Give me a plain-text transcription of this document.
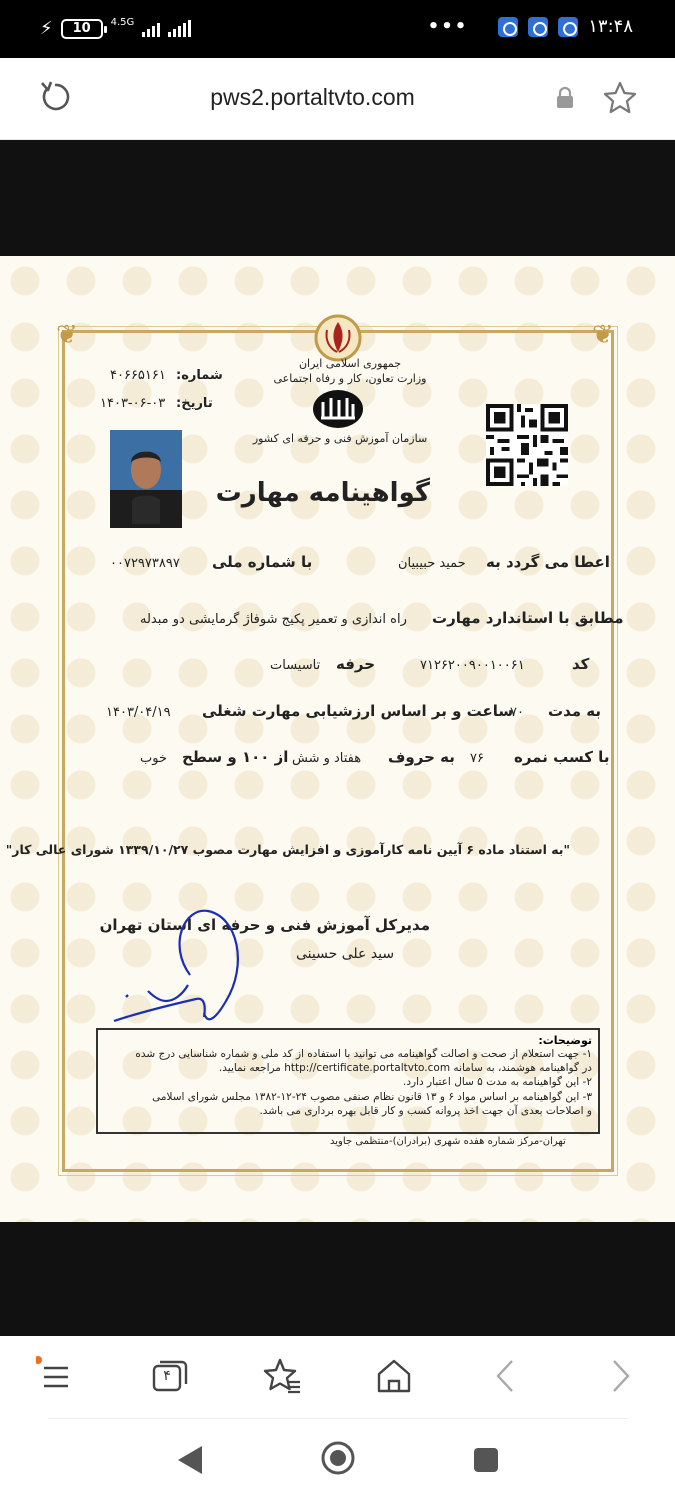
⚡	10	4.5G	•••	۱۳:۴۸
pws2.portaltvto.com
❦	❦
جمهوری اسلامی ایران
وزارت تعاون، کار و رفاه اجتماعی
سازمان آموزش فنی و حرفه ای کشور
شماره:
۴۰۶۶۵۱۶۱
تاریخ:
۱۴۰۳-۰۶-۰۳
گواهینامه مهارت
اعطا می گردد به
حمید حبیبیان
با شماره ملی
۰۰۷۲۹۷۳۸۹۷
مطابق با استاندارد مهارت
راه اندازی و تعمیر پکیج شوفاژ گرمایشی دو مبدله
کد
۷۱۲۶۲۰۰۹۰۰۱۰۰۶۱
حرفه
تاسیسات
به مدت
۷۰
ساعت و بر اساس ارزشیابی مهارت شغلی
۱۴۰۳/۰۴/۱۹
با کسب نمره
۷۶
به حروف
هفتاد و شش
از ۱۰۰ و سطح
خوب
"به استناد ماده ۶ آیین نامه کارآموزی و افزایش مهارت مصوب ۱۳۳۹/۱۰/۲۷ شورای عالی کار"
مدیرکل آموزش فنی و حرفه ای استان تهران
سید علی حسینی
توضیحات:
۱- جهت استعلام از صحت و اصالت گواهینامه می توانید با استفاده از کد ملی و شماره شناسایی درج شده
در گواهینامه هوشمند، به سامانه http://certificate.portaltvto.com مراجعه نمایید.
۲- این گواهینامه به مدت ۵ سال اعتبار دارد.
۳- این گواهینامه بر اساس مواد ۶ و ۱۳ قانون نظام صنفی مصوب ۲۴-۱۲-۱۳۸۲ مجلس شورای اسلامی
و اصلاحات بعدی آن جهت اخذ پروانه کسب و کار قابل بهره برداری می باشد.
تهران-مرکز شماره هفده شهری (برادران)-منتظمی جاوید
۴
